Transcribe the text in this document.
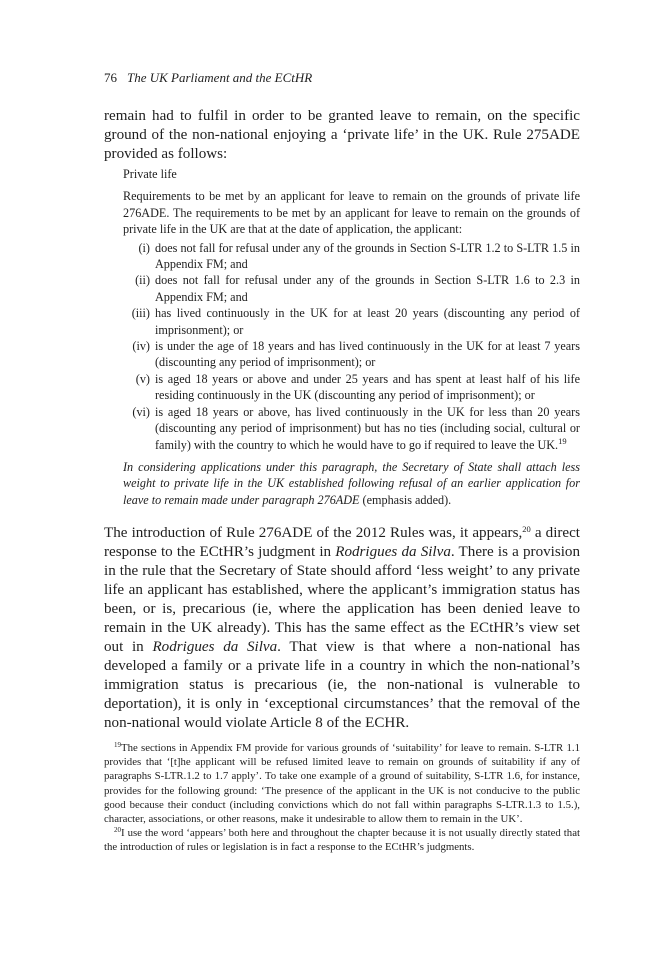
76 The UK Parliament and the ECtHR

remain had to fulfil in order to be granted leave to remain, on the specific ground of the non-national enjoying a ‘private life’ in the UK. Rule 275ADE provided as follows:

Private life

Requirements to be met by an applicant for leave to remain on the grounds of private life 276ADE. The requirements to be met by an applicant for leave to remain on the grounds of private life in the UK are that at the date of application, the applicant:

(i) does not fall for refusal under any of the grounds in Section S-LTR 1.2 to S-LTR 1.5 in Appendix FM; and
(ii) does not fall for refusal under any of the grounds in Section S-LTR 1.6 to 2.3 in Appendix FM; and
(iii) has lived continuously in the UK for at least 20 years (discounting any period of imprisonment); or
(iv) is under the age of 18 years and has lived continuously in the UK for at least 7 years (discounting any period of imprisonment); or
(v) is aged 18 years or above and under 25 years and has spent at least half of his life residing continuously in the UK (discounting any period of imprisonment); or
(vi) is aged 18 years or above, has lived continuously in the UK for less than 20 years (discounting any period of imprisonment) but has no ties (including social, cultural or family) with the country to which he would have to go if required to leave the UK.$^{19}$

In considering applications under this paragraph, the Secretary of State shall attach less weight to private life in the UK established following refusal of an earlier application for leave to remain made under paragraph 276ADE (emphasis added).

The introduction of Rule 276ADE of the 2012 Rules was, it appears,$^{20}$ a direct response to the ECtHR’s judgment in Rodrigues da Silva. There is a provision in the rule that the Secretary of State should afford ‘less weight’ to any private life an applicant has established, where the applicant’s immigration status has been, or is, precarious (ie, where the application has been denied leave to remain in the UK already). This has the same effect as the ECtHR’s view set out in Rodrigues da Silva. That view is that where a non-national has developed a family or a private life in a country in which the non-national’s immigration status is precarious (ie, the non-national is vulnerable to deportation), it is only in ‘exceptional circumstances’ that the removal of the non-national would violate Article 8 of the ECHR.

$^{19}$The sections in Appendix FM provide for various grounds of ‘suitability’ for leave to remain. S-LTR 1.1 provides that ‘[t]he applicant will be refused limited leave to remain on grounds of suitability if any of paragraphs S-LTR.1.2 to 1.7 apply’. To take one example of a ground of suitability, S-LTR 1.6, for instance, provides for the following ground: ‘The presence of the applicant in the UK is not conducive to the public good because their conduct (including convictions which do not fall within paragraphs S-LTR.1.3 to 1.5.), character, associations, or other reasons, make it undesirable to allow them to remain in the UK’.

$^{20}$I use the word ‘appears’ both here and throughout the chapter because it is not usually directly stated that the introduction of rules or legislation is in fact a response to the ECtHR’s judgments.
